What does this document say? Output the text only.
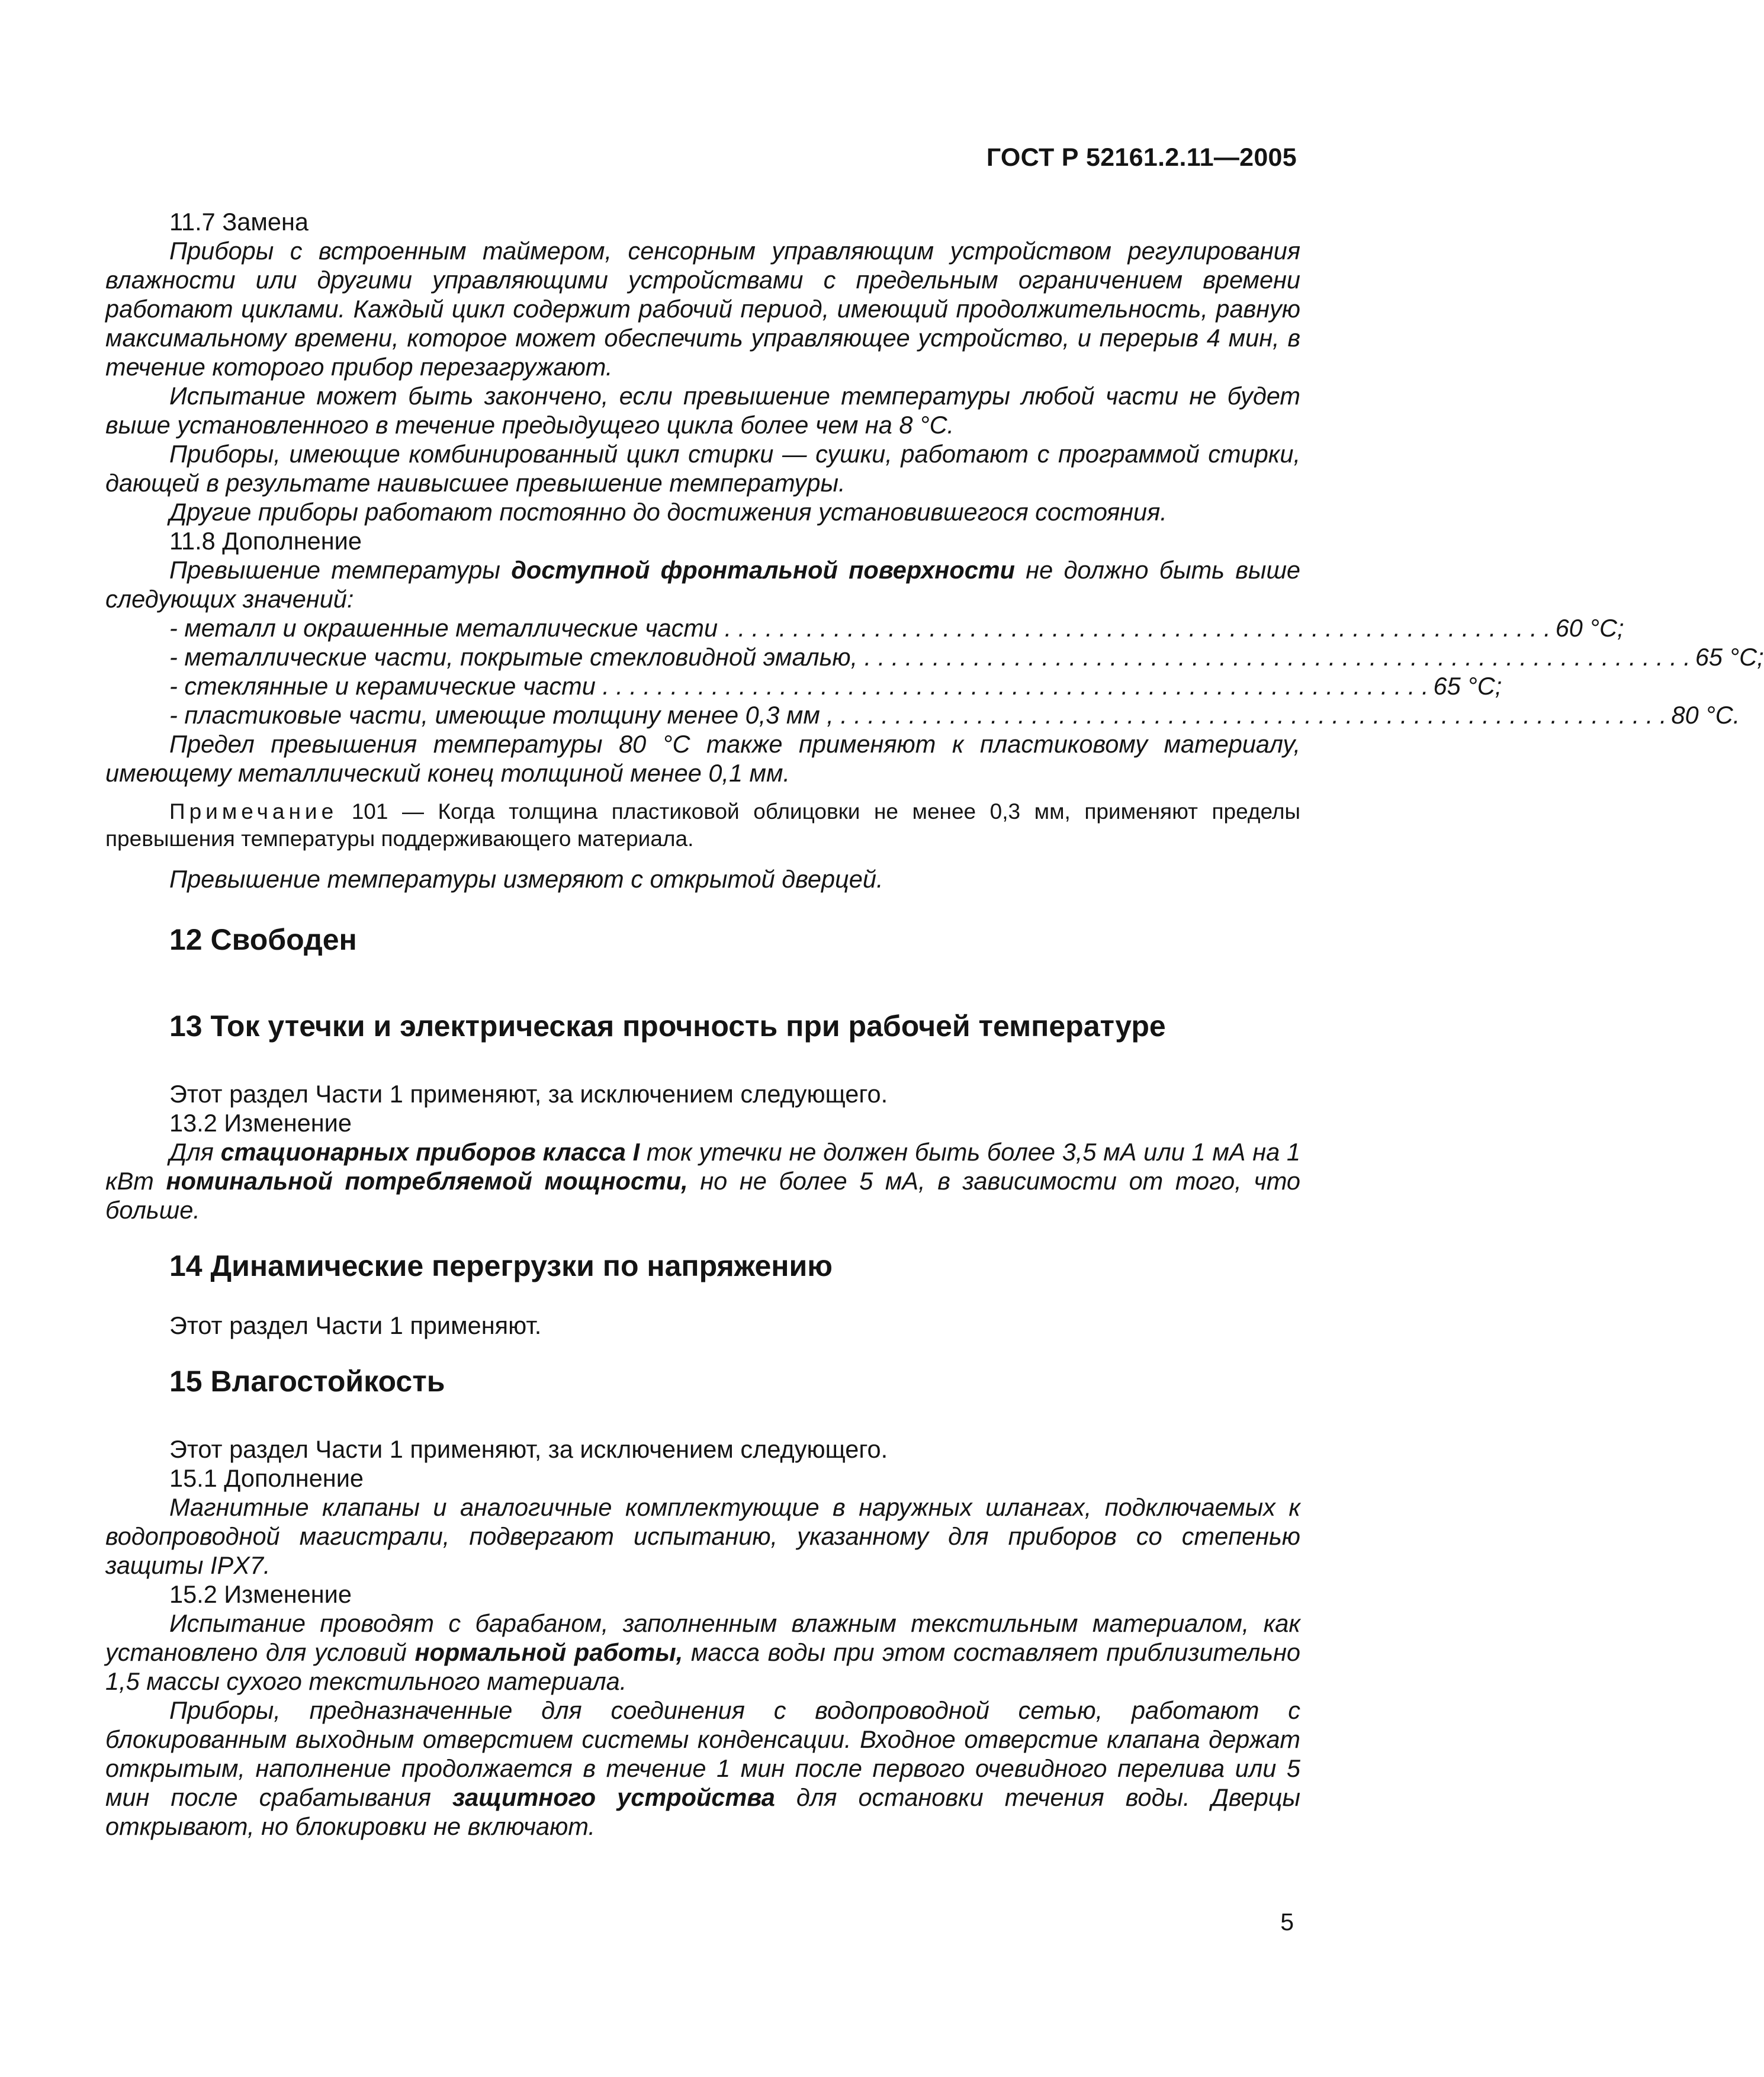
ГОСТ Р 52161.2.11—2005
11.7 Замена
Приборы с встроенным таймером, сенсорным управляющим устройством регулирования влажности или другими управляющими устройствами с предельным ограничением времени работают циклами. Каждый цикл содержит рабочий период, имеющий продолжительность, равную максимальному времени, которое может обеспечить управляющее устройство, и перерыв 4 мин, в течение которого прибор перезагружают.
Испытание может быть закончено, если превышение температуры любой части не будет выше установленного в течение предыдущего цикла более чем на 8 °С.
Приборы, имеющие комбинированный цикл стирки — сушки, работают с программой стирки, дающей в результате наивысшее превышение температуры.
Другие приборы работают постоянно до достижения установившегося состояния.
11.8 Дополнение
Превышение температуры доступной фронтальной поверхности не должно быть выше следующих значений:
- металл и окрашенные металлические части . . . . . . . . . . . . . . . . . . . . . . . . . . . . . . . . . . . . . . . . . . . . . . . . . . . . . . . . . . . . . 60 °С;
- металлические части, покрытые стекловидной эмалью, . . . . . . . . . . . . . . . . . . . . . . . . . . . . . . . . . . . . . . . . . . . . . . . . . . . . . . . . . . . . . 65 °С;
- стеклянные и керамические части . . . . . . . . . . . . . . . . . . . . . . . . . . . . . . . . . . . . . . . . . . . . . . . . . . . . . . . . . . . . . 65 °С;
- пластиковые части, имеющие толщину менее 0,3 мм , . . . . . . . . . . . . . . . . . . . . . . . . . . . . . . . . . . . . . . . . . . . . . . . . . . . . . . . . . . . . . 80 °С.
Предел превышения температуры 80 °С также применяют к пластиковому материалу, имеющему металлический конец толщиной менее 0,1 мм.
Примечание 101 — Когда толщина пластиковой облицовки не менее 0,3 мм, применяют пределы превышения температуры поддерживающего материала.
Превышение температуры измеряют с открытой дверцей.
12 Свободен
13 Ток утечки и электрическая прочность при рабочей температуре
Этот раздел Части 1 применяют, за исключением следующего.
13.2 Изменение
Для стационарных приборов класса I ток утечки не должен быть более 3,5 мА или 1 мА на 1 кВт номинальной потребляемой мощности, но не более 5 мА, в зависимости от того, что больше.
14 Динамические перегрузки по напряжению
Этот раздел Части 1 применяют.
15 Влагостойкость
Этот раздел Части 1 применяют, за исключением следующего.
15.1 Дополнение
Магнитные клапаны и аналогичные комплектующие в наружных шлангах, подключаемых к водопроводной магистрали, подвергают испытанию, указанному для приборов со степенью защиты IPX7.
15.2 Изменение
Испытание проводят с барабаном, заполненным влажным текстильным материалом, как установлено для условий нормальной работы, масса воды при этом составляет приблизительно 1,5 массы сухого текстильного материала.
Приборы, предназначенные для соединения с водопроводной сетью, работают с блокированным выходным отверстием системы конденсации. Входное отверстие клапана держат открытым, наполнение продолжается в течение 1 мин после первого очевидного перелива или 5 мин после срабатывания защитного устройства для остановки течения воды. Дверцы открывают, но блокировки не включают.
5
